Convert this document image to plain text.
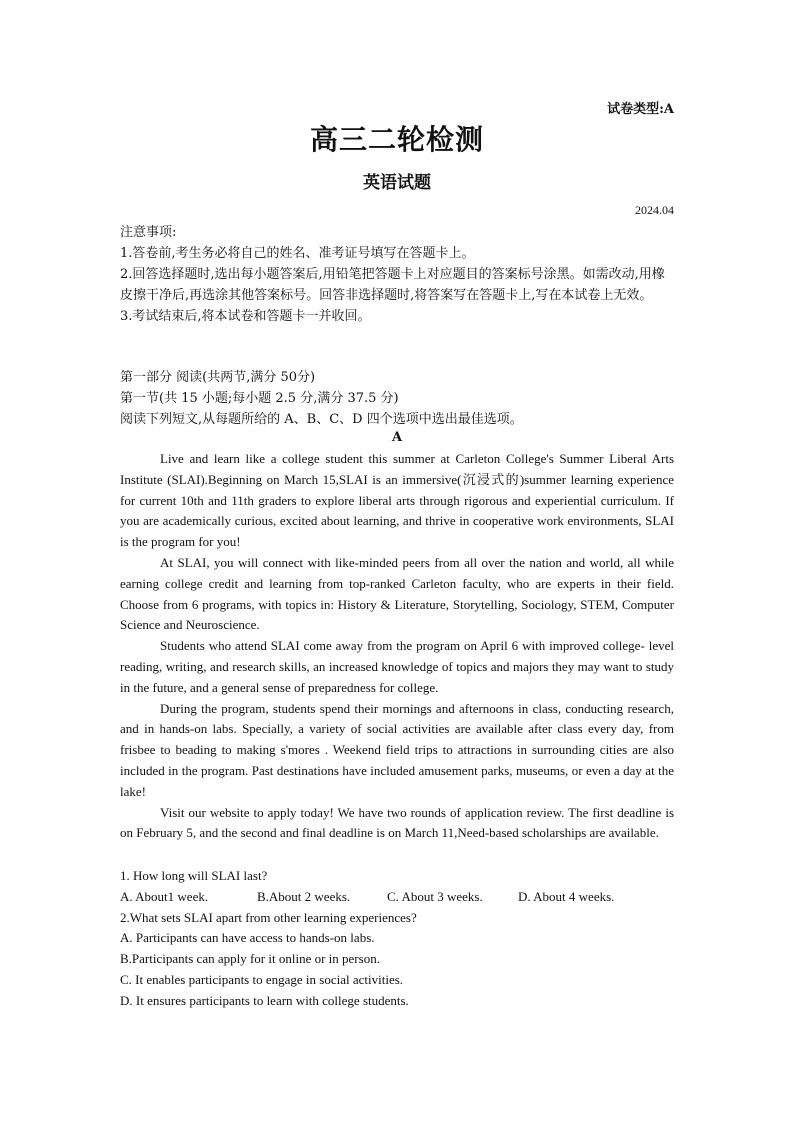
试卷类型:A
高三二轮检测
英语试题
2024.04

注意事项:

1.答卷前,考生务必将自己的姓名、准考证号填写在答题卡上。

2.回答选择题时,选出每小题答案后,用铅笔把答题卡上对应题目的答案标号涂黑。如需改动,用橡皮擦干净后,再选涂其他答案标号。回答非选择题时,将答案写在答题卡上,写在本试卷上无效。

3.考试结束后,将本试卷和答题卡一并收回。

第一部分 阅读(共两节,满分 50分)

第一节(共 15 小题;每小题 2.5 分,满分 37.5 分)

阅读下列短文,从每题所给的 A、B、C、D 四个选项中选出最佳选项。

A

Live and learn like a college student this summer at Carleton College's Summer Liberal Arts Institute (SLAI).Beginning on March 15,SLAI is an immersive(沉浸式的)summer learning experience for current 10th and 11th graders to explore liberal arts through rigorous and experiential curriculum. If you are academically curious, excited about learning, and thrive in cooperative work environments, SLAI is the program for you!

At SLAI, you will connect with like-minded peers from all over the nation and world, all while earning college credit and learning from top-ranked Carleton faculty, who are experts in their field. Choose from 6 programs, with topics in: History & Literature, Storytelling, Sociology, STEM, Computer Science and Neuroscience.

Students who attend SLAI come away from the program on April 6 with improved college- level reading, writing, and research skills, an increased knowledge of topics and majors they may want to study in the future, and a general sense of preparedness for college.

During the program, students spend their mornings and afternoons in class, conducting research, and in hands-on labs. Specially, a variety of social activities are available after class every day, from frisbee to beading to making s'mores . Weekend field trips to attractions in surrounding cities are also included in the program. Past destinations have included amusement parks, museums, or even a day at the lake!

Visit our website to apply today! We have two rounds of application review. The first deadline is on February 5, and the second and final deadline is on March 11,Need-based scholarships are available.

1. How long will SLAI last?

A. About1 week.	B.About 2 weeks.	C. About 3 weeks.	D. About 4 weeks.

2.What sets SLAI apart from other learning experiences?

A. Participants can have access to hands-on labs.

B.Participants can apply for it online or in person.

C. It enables participants to engage in social activities.

D. It ensures participants to learn with college students.
